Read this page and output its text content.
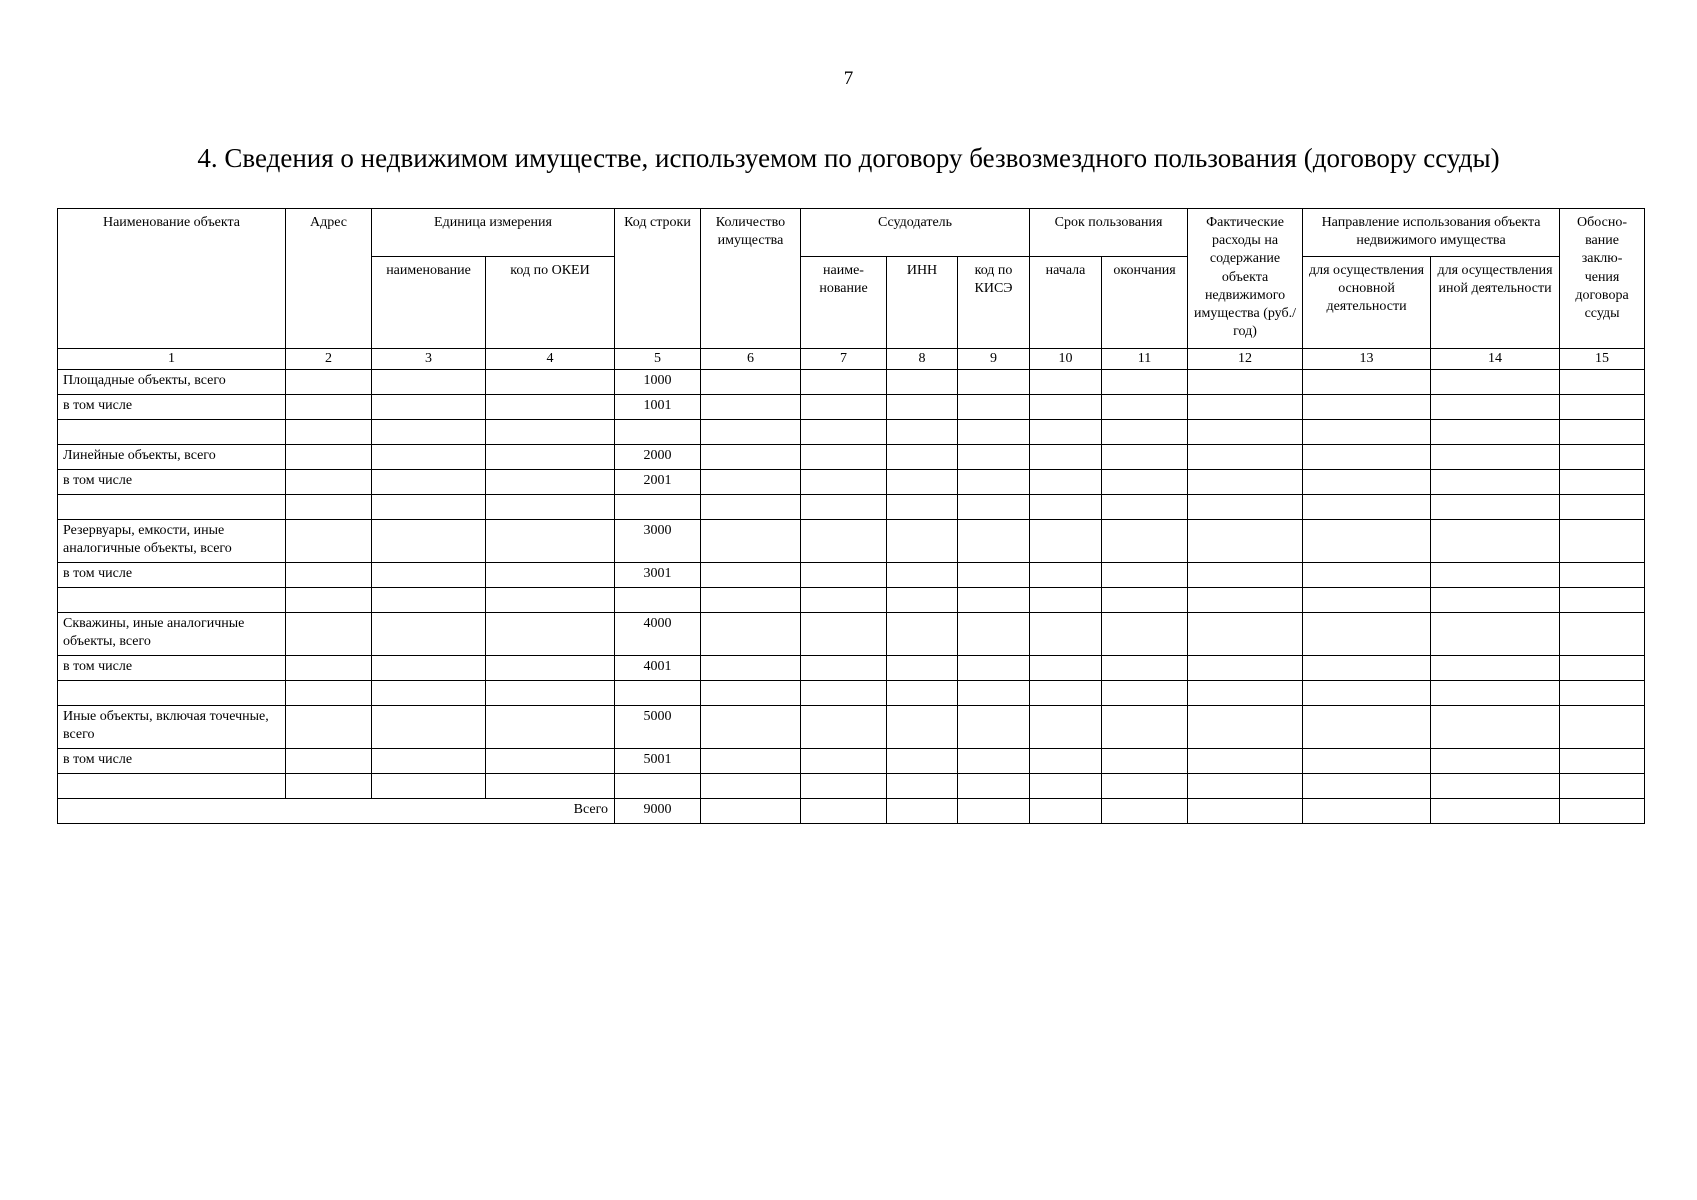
7
4. Сведения о недвижимом имуществе, используемом по договору безвозмездного пользования (договору ссуды)
Наименование объекта	Адрес	Единица измерения		Код строки	Количество имущества	Ссудодатель			Срок пользования		Фактические расходы на содержание объекта недвижимого имущества (руб./год)	Направление использования объекта недвижимого имущества		Обосно-вание заклю-чения договора ссуды
		наименование	код по ОКЕИ			наиме-нование	ИНН	код по КИСЭ	начала	окончания		для осуществления основной деятельности	для осуществления иной деятельности	
1	2	3	4	5	6	7	8	9	10	11	12	13	14	15
Площадные объекты, всего				1000										
в том числе				1001										

Линейные объекты, всего				2000										
в том числе				2001										

Резервуары, емкости, иные аналогичные объекты, всего				3000										
в том числе				3001										

Скважины, иные аналогичные объекты, всего				4000										
в том числе				4001										

Иные объекты, включая точечные, всего				5000										
в том числе				5001										

Всего				9000										
